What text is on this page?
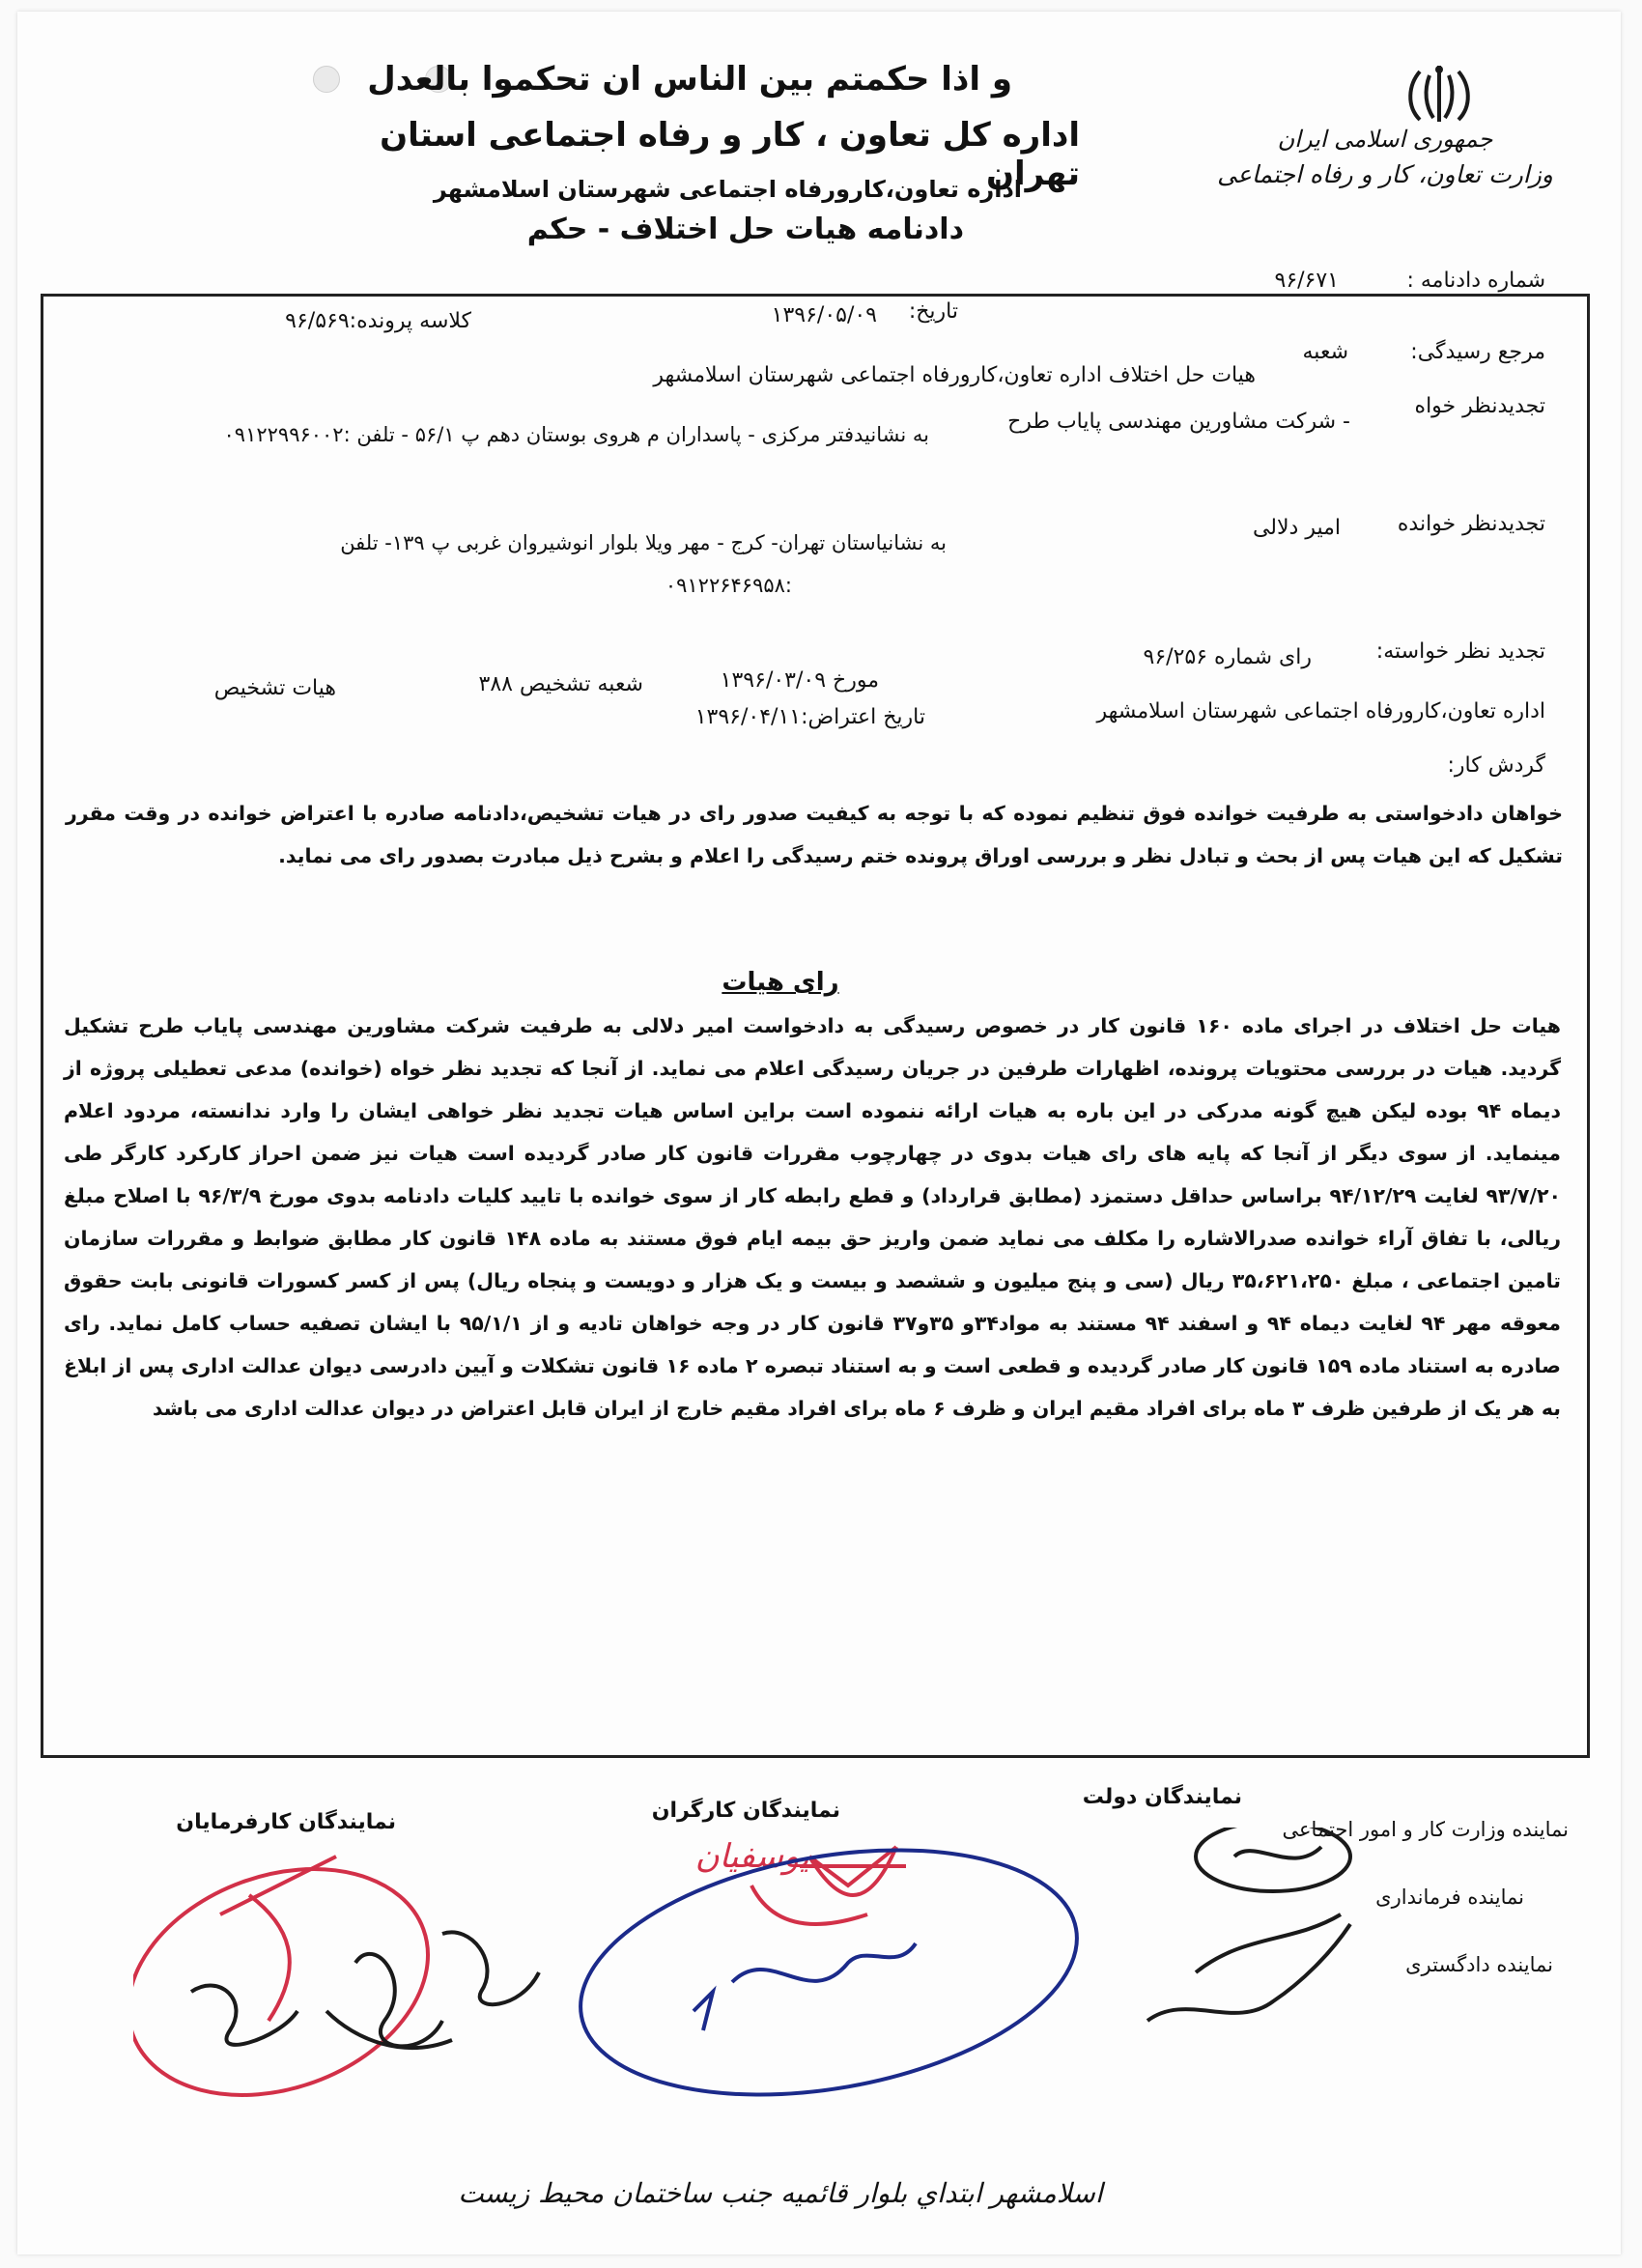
و اذا حکمتم بین الناس ان تحکموا بالعدل
اداره کل تعاون ، کار و رفاه اجتماعی استان تهران
اداره تعاون،کارورفاه اجتماعی شهرستان اسلامشهر
دادنامه هیات حل اختلاف - حکم
جمهوری اسلامی ایران
وزارت تعاون، کار و رفاه اجتماعی
شماره دادنامه :
۹۶/۶۷۱
تاریخ:
۱۳۹۶/۰۵/۰۹
کلاسه پرونده:۹۶/۵۶۹
مرجع رسیدگی:
شعبه
هیات حل اختلاف اداره تعاون،کارورفاه اجتماعی شهرستان اسلامشهر
تجدیدنظر خواه
- شرکت مشاورین مهندسی پایاب طرح
به نشانیدفتر مرکزی - پاسداران م هروی بوستان دهم پ ۵۶/۱ - تلفن :۰۹۱۲۲۹۹۶۰۰۲
تجدیدنظر خوانده
امیر دلالی
به نشانیاستان تهران- کرج - مهر ویلا بلوار انوشیروان غربی پ ۱۳۹- تلفن
:۰۹۱۲۲۶۴۶۹۵۸
تجدید نظر خواسته:
رای شماره ۹۶/۲۵۶
مورخ ۱۳۹۶/۰۳/۰۹
شعبه تشخیص ۳۸۸
هیات تشخیص
اداره تعاون،کارورفاه اجتماعی شهرستان اسلامشهر
تاریخ اعتراض:۱۳۹۶/۰۴/۱۱
گردش کار:
خواهان دادخواستی به طرفیت خوانده فوق تنظیم نموده که با توجه به کیفیت صدور رای در هیات تشخیص،دادنامه صادره با اعتراض خوانده در وقت مقرر تشکیل که این هیات پس از بحث و تبادل نظر و بررسی اوراق پرونده ختم رسیدگی را اعلام و بشرح ذیل مبادرت بصدور رای می نماید.
رای هیات
هیات حل اختلاف در اجرای ماده ۱۶۰ قانون کار در خصوص رسیدگی به دادخواست امیر دلالی به طرفیت شرکت مشاورین مهندسی پایاب طرح تشکیل گردید. هیات در بررسی محتویات پرونده، اظهارات طرفین در جریان رسیدگی اعلام می نماید. از آنجا که تجدید نظر خواه (خوانده) مدعی تعطیلی پروژه از دیماه ۹۴ بوده لیکن هیچ گونه مدرکی در این باره به هیات ارائه ننموده است براین اساس هیات تجدید نظر خواهی ایشان را وارد ندانسته، مردود اعلام مینماید. از سوی دیگر از آنجا که پایه های رای هیات بدوی در چهارچوب مقررات قانون کار صادر گردیده است هیات نیز ضمن احراز کارکرد کارگر طی ۹۳/۷/۲۰ لغایت ۹۴/۱۲/۲۹ براساس حداقل دستمزد (مطابق قرارداد) و قطع رابطه کار از سوی خوانده با تایید کلیات دادنامه بدوی مورخ ۹۶/۳/۹ با اصلاح مبلغ ریالی، با تفاق آراء خوانده صدرالاشاره را مکلف می نماید ضمن واریز حق بیمه ایام فوق مستند به ماده ۱۴۸ قانون کار مطابق ضوابط و مقررات سازمان تامین اجتماعی ، مبلغ ۳۵،۶۲۱،۲۵۰ ریال (سی و پنج میلیون و ششصد و بیست و یک هزار و دویست و پنجاه ریال) پس از کسر کسورات قانونی بابت حقوق معوقه مهر ۹۴ لغایت دیماه ۹۴ و اسفند ۹۴ مستند به مواد۳۴و ۳۵و۳۷ قانون کار در وجه خواهان تادیه و از ۹۵/۱/۱ با ایشان تصفیه حساب کامل نماید. رای صادره به استناد ماده ۱۵۹ قانون کار صادر گردیده و قطعی است و به استناد تبصره ۲ ماده ۱۶ قانون تشکلات و آیین دادرسی دیوان عدالت اداری پس از ابلاغ به هر یک از طرفین ظرف ۳ ماه برای افراد مقیم ایران و ظرف ۶ ماه برای افراد مقیم خارج از ایران قابل اعتراض در دیوان عدالت اداری می باشد
نمایندگان دولت
نمایندگان کارگران
نمایندگان کارفرمایان	نماینده وزارت کار و امور اجتماعی
نماینده فرمانداری
نماینده دادگستری
یوسفیان
اسلامشهر ابتداي بلوار قائمیه جنب ساختمان محیط زیست
